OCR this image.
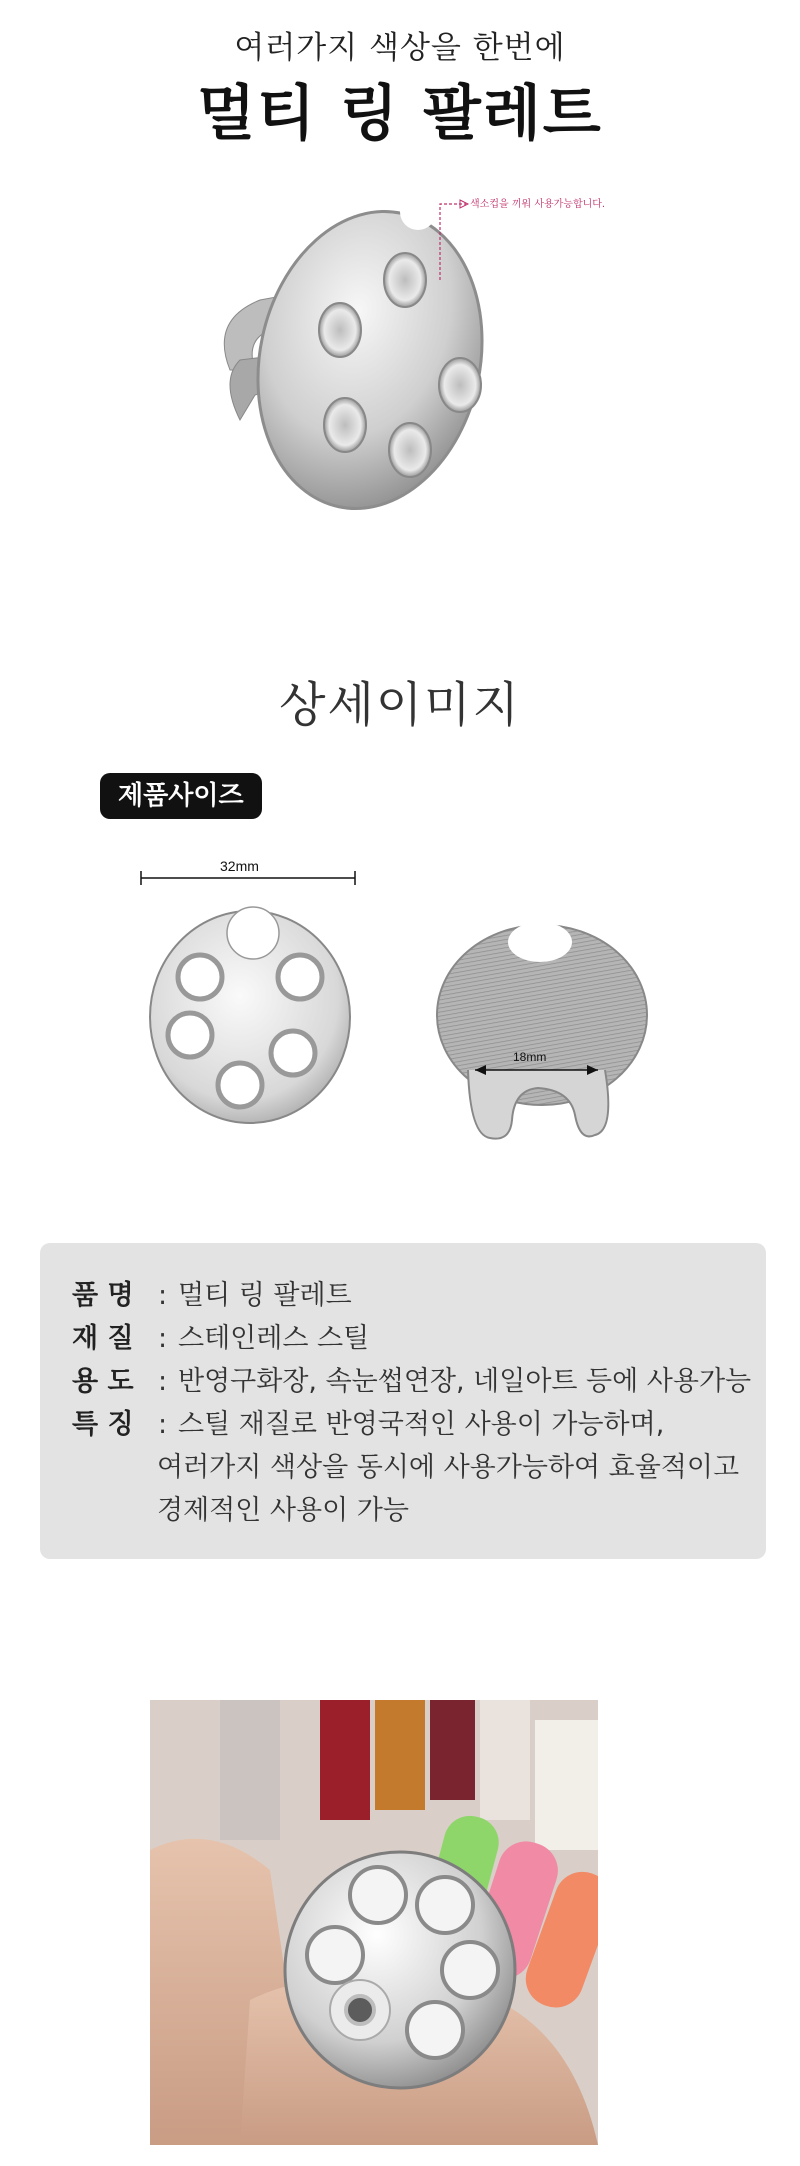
여러가지 색상을 한번에
멀티 링 팔레트
색소컵을 끼워 사용가능합니다.
상세이미지
제품사이즈
32mm
18mm
품 명 : 멀티 링 팔레트
재 질 : 스테인레스 스틸
용 도 : 반영구화장, 속눈썹연장, 네일아트 등에 사용가능
특 징 : 스틸 재질로 반영국적인 사용이 가능하며,
여러가지 색상을 동시에 사용가능하여 효율적이고
경제적인 사용이 가능
